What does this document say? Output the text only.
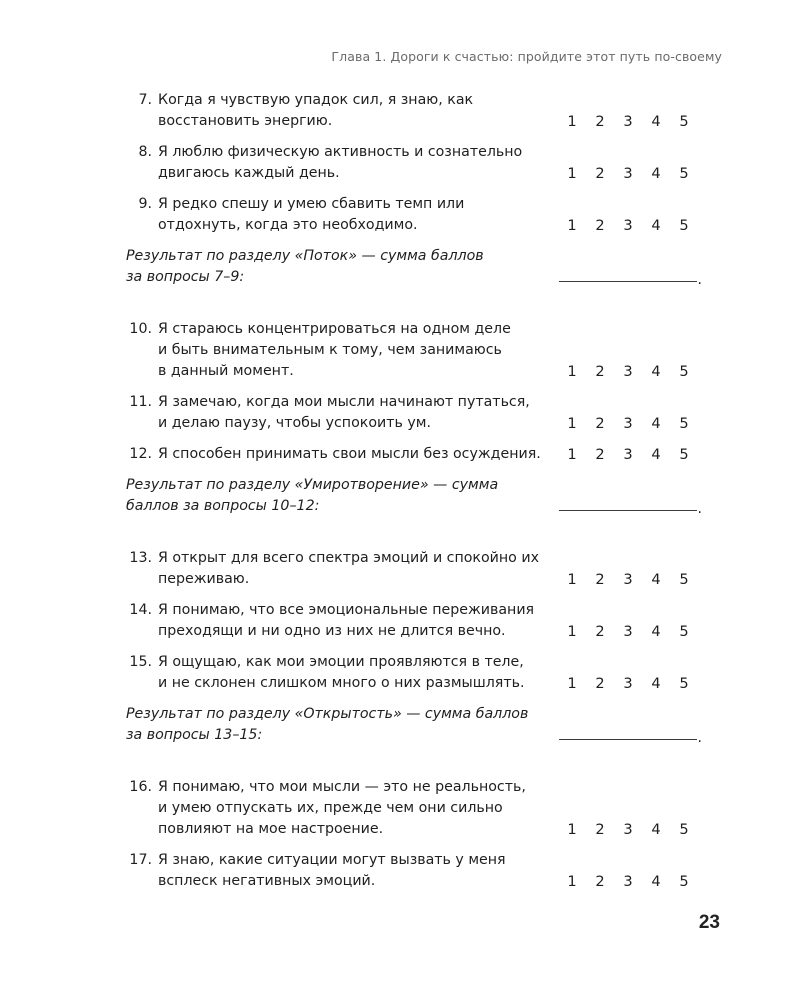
Глава 1. Дороги к счастью: пройдите этот путь по-своему
7. Когда я чувствую упадок сил, я знаю, как
восстановить энергию.	1	2	3	4	5
8. Я люблю физическую активность и сознательно
двигаюсь каждый день.	1	2	3	4	5
9. Я редко спешу и умею сбавить темп или
отдохнуть, когда это необходимо.	1	2	3	4	5
Результат по разделу «Поток» — сумма баллов
за вопросы 7–9:	.
10. Я стараюсь концентрироваться на одном деле
и быть внимательным к тому, чем занимаюсь
в данный момент.	1	2	3	4	5
11. Я замечаю, когда мои мысли начинают путаться,
и делаю паузу, чтобы успокоить ум.	1	2	3	4	5
12. Я способен принимать свои мысли без осуждения.	1	2	3	4	5
Результат по разделу «Умиротворение» — сумма
баллов за вопросы 10–12:	.
13. Я открыт для всего спектра эмоций и спокойно их
переживаю.	1	2	3	4	5
14. Я понимаю, что все эмоциональные переживания
преходящи и ни одно из них не длится вечно.	1	2	3	4	5
15. Я ощущаю, как мои эмоции проявляются в теле,
и не склонен слишком много о них размышлять.	1	2	3	4	5
Результат по разделу «Открытость» — сумма баллов
за вопросы 13–15:	.
16. Я понимаю, что мои мысли — это не реальность,
и умею отпускать их, прежде чем они сильно
повлияют на мое настроение.	1	2	3	4	5
17. Я знаю, какие ситуации могут вызвать у меня
всплеск негативных эмоций.	1	2	3	4	5
23
